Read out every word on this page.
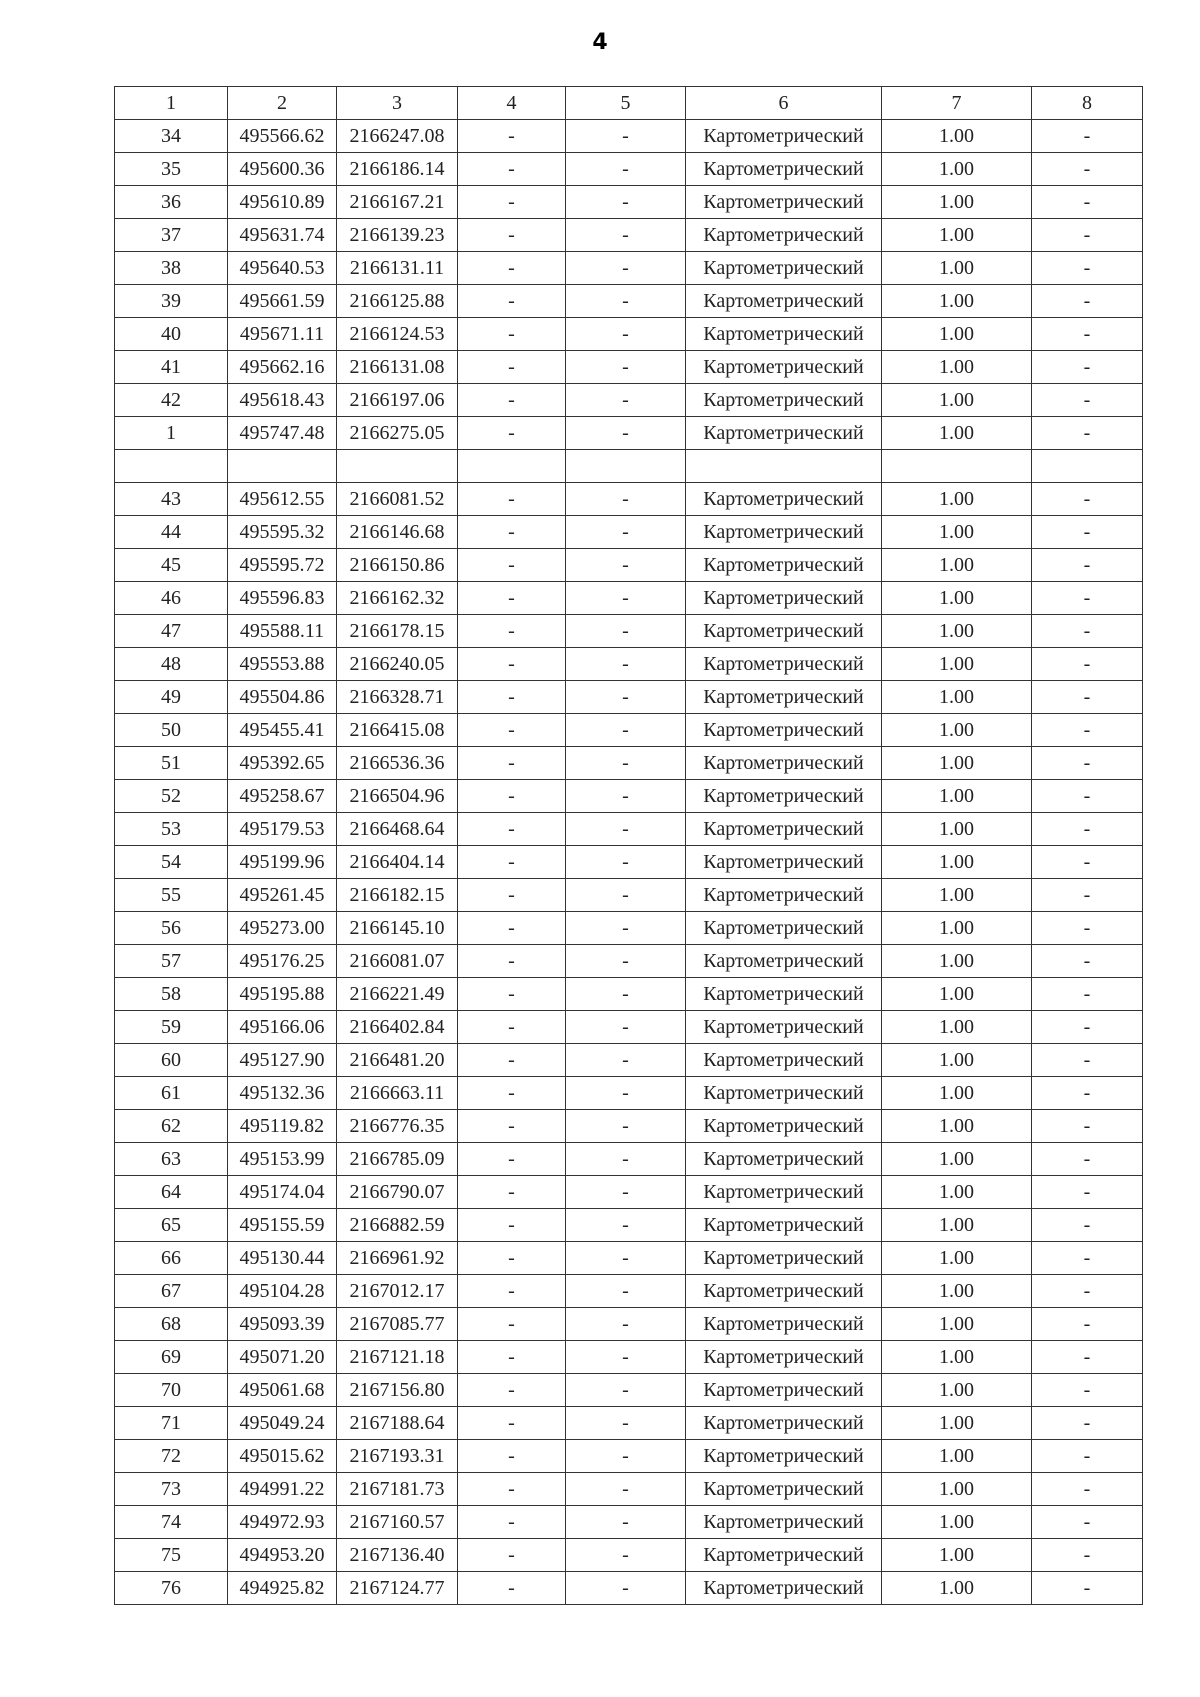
4
1	2	3	4	5	6	7	8
34	495566.62	2166247.08	-	-	Картометрический	1.00	-
35	495600.36	2166186.14	-	-	Картометрический	1.00	-
36	495610.89	2166167.21	-	-	Картометрический	1.00	-
37	495631.74	2166139.23	-	-	Картометрический	1.00	-
38	495640.53	2166131.11	-	-	Картометрический	1.00	-
39	495661.59	2166125.88	-	-	Картометрический	1.00	-
40	495671.11	2166124.53	-	-	Картометрический	1.00	-
41	495662.16	2166131.08	-	-	Картометрический	1.00	-
42	495618.43	2166197.06	-	-	Картометрический	1.00	-
1	495747.48	2166275.05	-	-	Картометрический	1.00	-

43	495612.55	2166081.52	-	-	Картометрический	1.00	-
44	495595.32	2166146.68	-	-	Картометрический	1.00	-
45	495595.72	2166150.86	-	-	Картометрический	1.00	-
46	495596.83	2166162.32	-	-	Картометрический	1.00	-
47	495588.11	2166178.15	-	-	Картометрический	1.00	-
48	495553.88	2166240.05	-	-	Картометрический	1.00	-
49	495504.86	2166328.71	-	-	Картометрический	1.00	-
50	495455.41	2166415.08	-	-	Картометрический	1.00	-
51	495392.65	2166536.36	-	-	Картометрический	1.00	-
52	495258.67	2166504.96	-	-	Картометрический	1.00	-
53	495179.53	2166468.64	-	-	Картометрический	1.00	-
54	495199.96	2166404.14	-	-	Картометрический	1.00	-
55	495261.45	2166182.15	-	-	Картометрический	1.00	-
56	495273.00	2166145.10	-	-	Картометрический	1.00	-
57	495176.25	2166081.07	-	-	Картометрический	1.00	-
58	495195.88	2166221.49	-	-	Картометрический	1.00	-
59	495166.06	2166402.84	-	-	Картометрический	1.00	-
60	495127.90	2166481.20	-	-	Картометрический	1.00	-
61	495132.36	2166663.11	-	-	Картометрический	1.00	-
62	495119.82	2166776.35	-	-	Картометрический	1.00	-
63	495153.99	2166785.09	-	-	Картометрический	1.00	-
64	495174.04	2166790.07	-	-	Картометрический	1.00	-
65	495155.59	2166882.59	-	-	Картометрический	1.00	-
66	495130.44	2166961.92	-	-	Картометрический	1.00	-
67	495104.28	2167012.17	-	-	Картометрический	1.00	-
68	495093.39	2167085.77	-	-	Картометрический	1.00	-
69	495071.20	2167121.18	-	-	Картометрический	1.00	-
70	495061.68	2167156.80	-	-	Картометрический	1.00	-
71	495049.24	2167188.64	-	-	Картометрический	1.00	-
72	495015.62	2167193.31	-	-	Картометрический	1.00	-
73	494991.22	2167181.73	-	-	Картометрический	1.00	-
74	494972.93	2167160.57	-	-	Картометрический	1.00	-
75	494953.20	2167136.40	-	-	Картометрический	1.00	-
76	494925.82	2167124.77	-	-	Картометрический	1.00	-
